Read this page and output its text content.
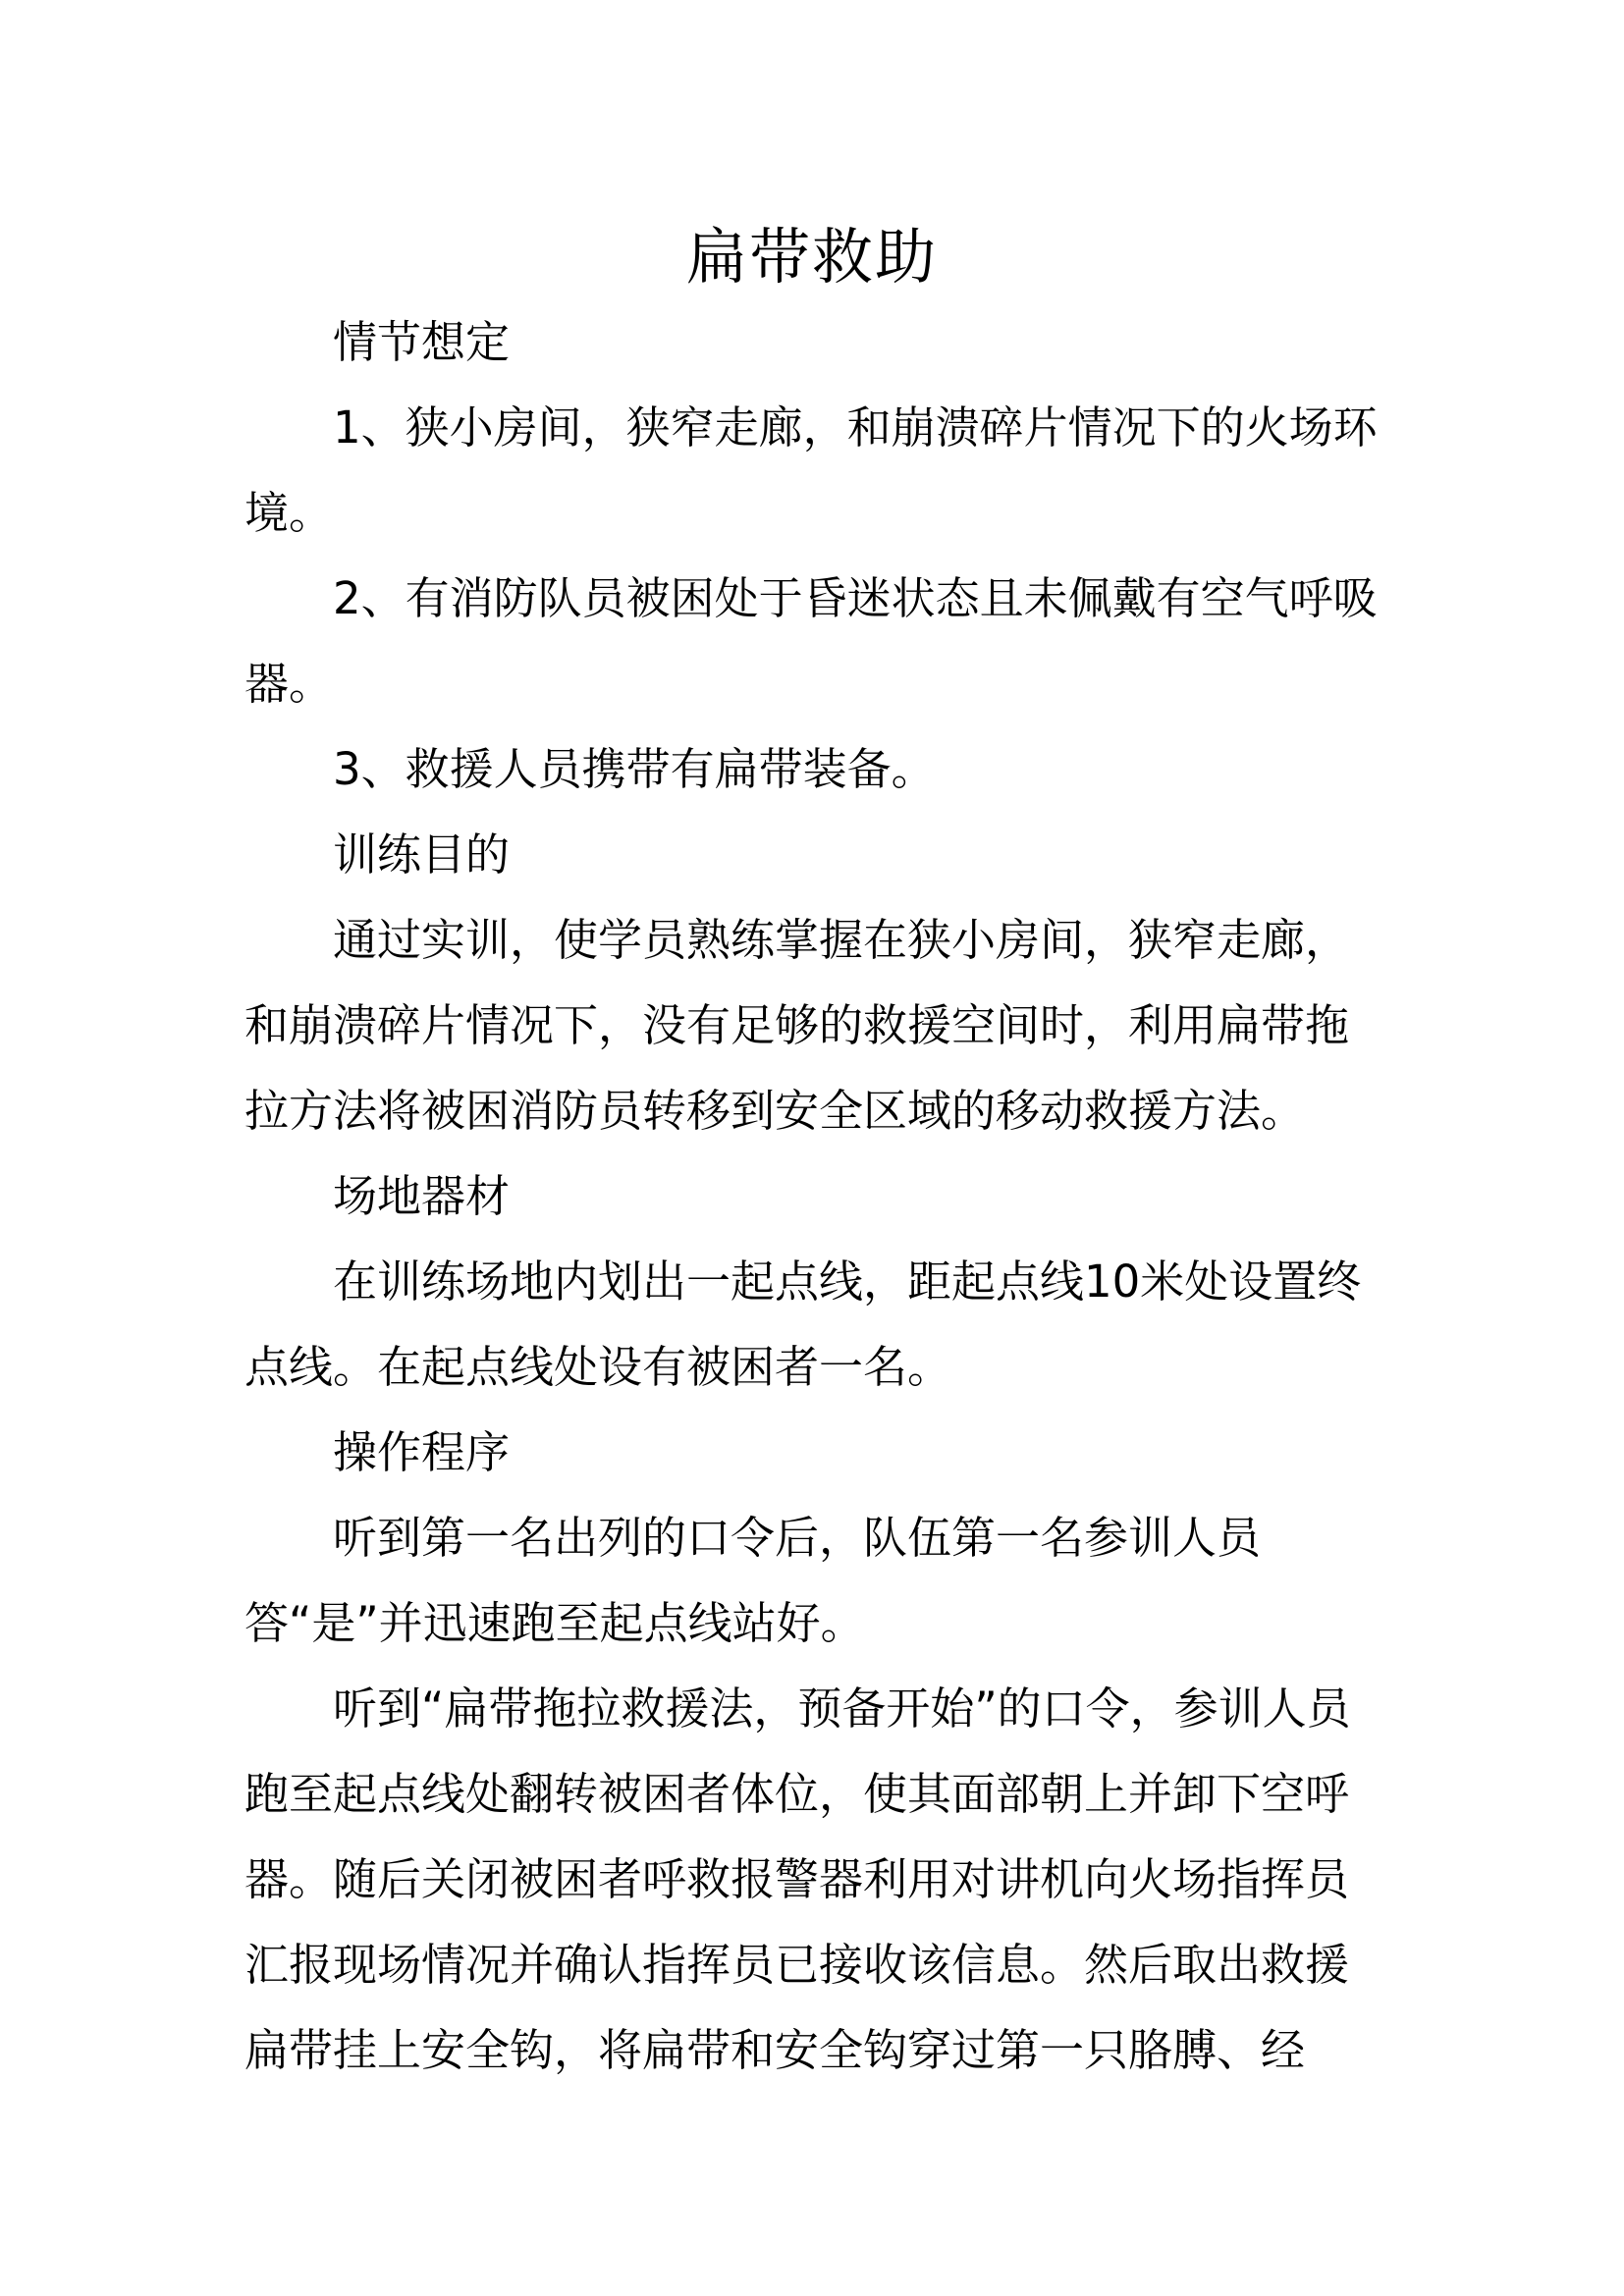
扁带救助

情节想定

1、狭小房间，狭窄走廊，和崩溃碎片情况下的火场环境。

2、有消防队员被困处于昏迷状态且未佩戴有空气呼吸器。

3、救援人员携带有扁带装备。

训练目的

通过实训，使学员熟练掌握在狭小房间，狭窄走廊，和崩溃碎片情况下，没有足够的救援空间时，利用扁带拖拉方法将被困消防员转移到安全区域的移动救援方法。

场地器材

在训练场地内划出一起点线，距起点线10米处设置终点线。在起点线处设有被困者一名。

操作程序

听到第一名出列的口令后，队伍第一名参训人员答“是”并迅速跑至起点线站好。

听到“扁带拖拉救援法，预备开始”的口令，参训人员跑至起点线处翻转被困者体位，使其面部朝上并卸下空呼器。随后关闭被困者呼救报警器利用对讲机向火场指挥员汇报现场情况并确认指挥员已接收该信息。然后取出救援扁带挂上安全钩，将扁带和安全钩穿过第一只胳膊、经
